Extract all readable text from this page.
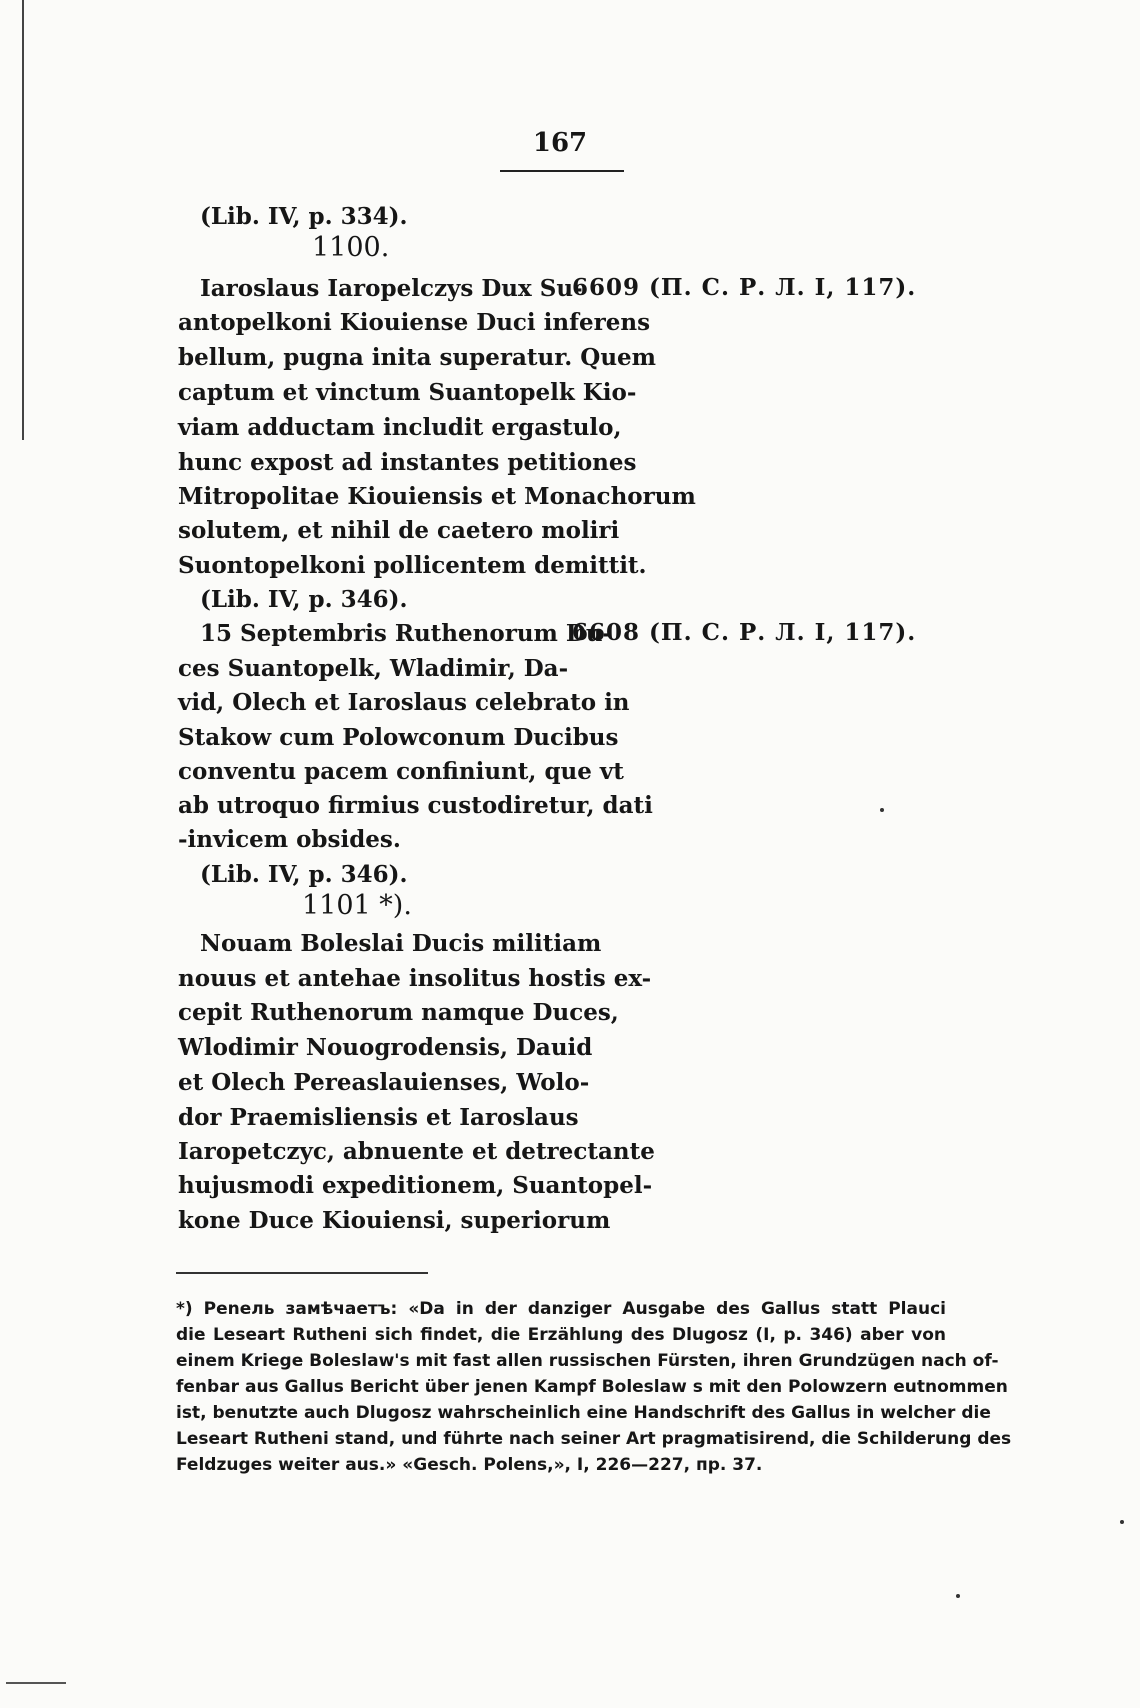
167
(Lib. IV, p. 334).
1100.
Iaroslaus Iaropelczys Dux Su-
antopelkoni Kiouiense Duci inferens
bellum, pugna inita superatur. Quem
captum et vinctum Suantopelk Kio-
viam adductam includit ergastulo,
hunc expost ad instantes petitiones
Mitropolitae Kiouiensis et Monachorum
solutem, et nihil de caetero moliri
Suontopelkoni pollicentem demittit.
(Lib. IV, p. 346).
15 Septembris Ruthenorum Du-
ces Suantopelk, Wladimir, Da-
vid, Olech et Iaroslaus celebrato in
Stakow cum Polowconum Ducibus
conventu pacem confiniunt, que vt
ab utroquo firmius custodiretur, dati
-invicem obsides.
(Lib. IV, p. 346).
1101 *).
Nouam Boleslai Ducis militiam
nouus et antehae insolitus hostis ex-
cepit Ruthenorum namque Duces,
Wlodimir Nouogrodensis, Dauid
et Olech Pereaslauienses, Wolo-
dor Praemisliensis et Iaroslaus
Iaropetczyc, abnuente et detrectante
hujusmodi expeditionem, Suantopel-
kone Duce Kiouiensi, superiorum
6609 (П. С. Р. Л. I, 117).
6608 (П. С. Р. Л. I, 117).
*) Реnель замѣчаетъ: «Da in der danziger Ausgabe des Gallus statt Plauci
die Lesеart Rutheni sich findet, die Erzählung des Dlugosz (I, p. 346) aber von
einem Kriege Boleslaw's mit fast allen russischen Fürsten, ihren Grundzügen nach of-
fenbar aus Gallus Bericht über jenen Kampf Boleslaw s mit den Polowzern eutnommen
ist, benutzte auch Dlugosz wahrscheinlich eine Handschrift des Gallus in welcher die
Leseart Rutheni stand, und führte nach seiner Art pragmatisirend, die Schilderung des
Feldzuges weiter aus.» «Gesch. Polens,», I, 226—227, пр. 37.
